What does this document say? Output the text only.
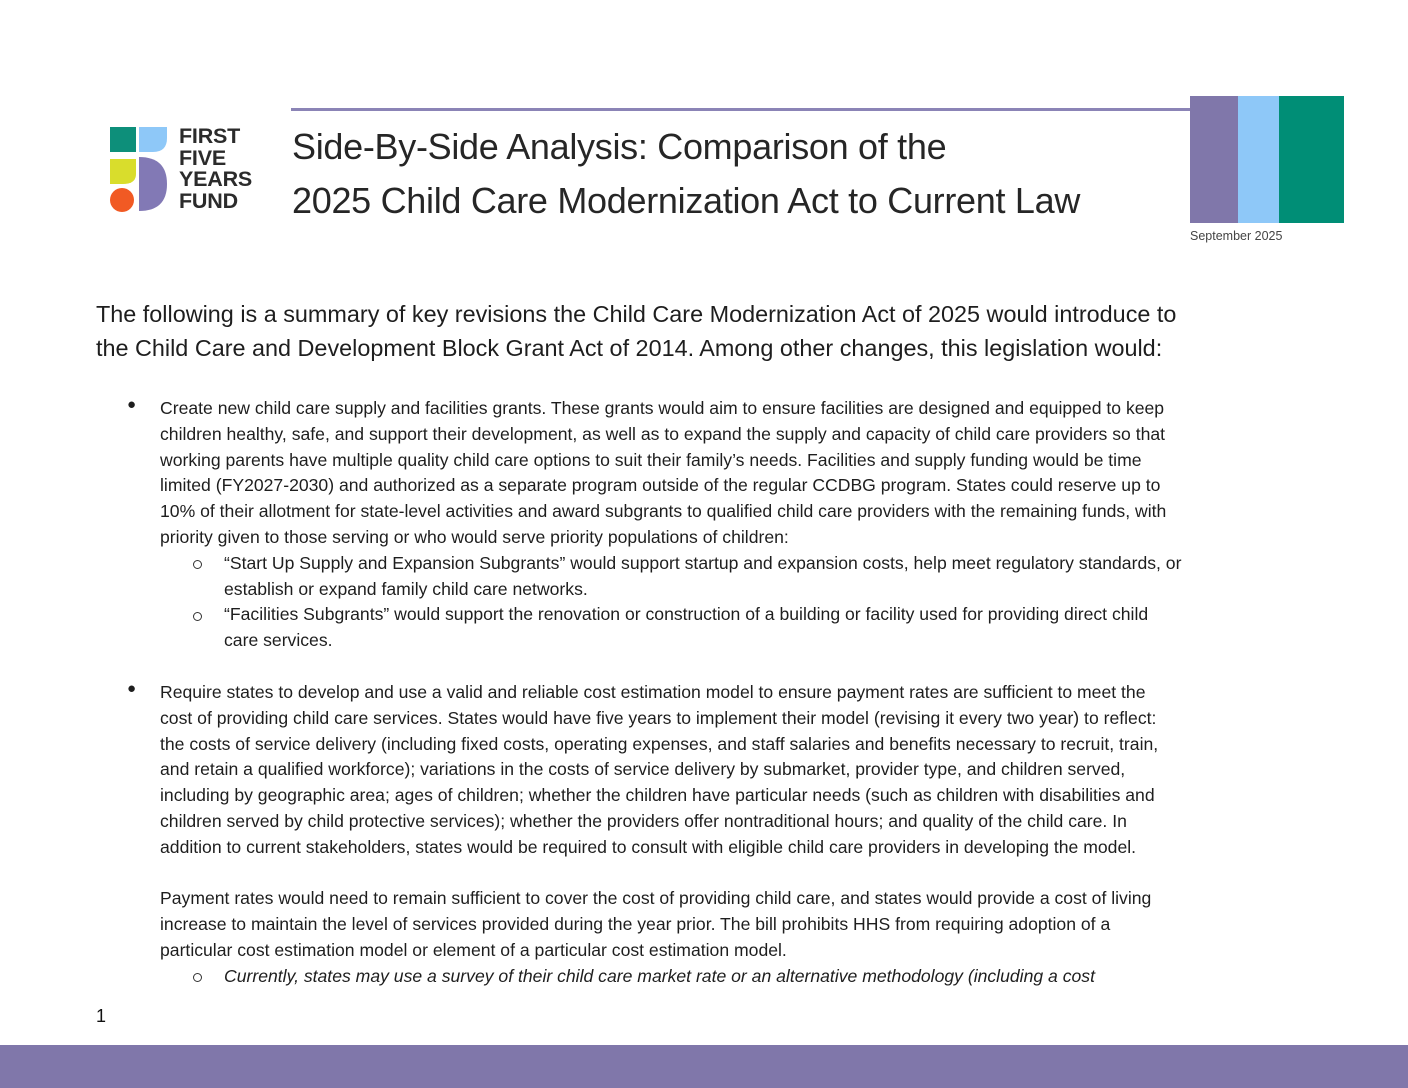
FIRST
FIVE
YEARS
FUND
Side-By-Side Analysis: Comparison of the
2025 Child Care Modernization Act to Current Law
September 2025
The following is a summary of key revisions the Child Care Modernization Act of 2025 would introduce to
the Child Care and Development Block Grant Act of 2014. Among other changes, this legislation would:
● Create new child care supply and facilities grants. These grants would aim to ensure facilities are designed and equipped to keep
children healthy, safe, and support their development, as well as to expand the supply and capacity of child care providers so that
working parents have multiple quality child care options to suit their family’s needs. Facilities and supply funding would be time
limited (FY2027-2030) and authorized as a separate program outside of the regular CCDBG program. States could reserve up to
10% of their allotment for state-level activities and award subgrants to qualified child care providers with the remaining funds, with
priority given to those serving or who would serve priority populations of children:
“Start Up Supply and Expansion Subgrants” would support startup and expansion costs, help meet regulatory standards, or
establish or expand family child care networks.
“Facilities Subgrants” would support the renovation or construction of a building or facility used for providing direct child
care services.
● Require states to develop and use a valid and reliable cost estimation model to ensure payment rates are sufficient to meet the
cost of providing child care services. States would have five years to implement their model (revising it every two year) to reflect:
the costs of service delivery (including fixed costs, operating expenses, and staff salaries and benefits necessary to recruit, train,
and retain a qualified workforce); variations in the costs of service delivery by submarket, provider type, and children served,
including by geographic area; ages of children; whether the children have particular needs (such as children with disabilities and
children served by child protective services); whether the providers offer nontraditional hours; and quality of the child care. In
addition to current stakeholders, states would be required to consult with eligible child care providers in developing the model.
Payment rates would need to remain sufficient to cover the cost of providing child care, and states would provide a cost of living
increase to maintain the level of services provided during the year prior. The bill prohibits HHS from requiring adoption of a
particular cost estimation model or element of a particular cost estimation model.
Currently, states may use a survey of their child care market rate or an alternative methodology (including a cost
1
